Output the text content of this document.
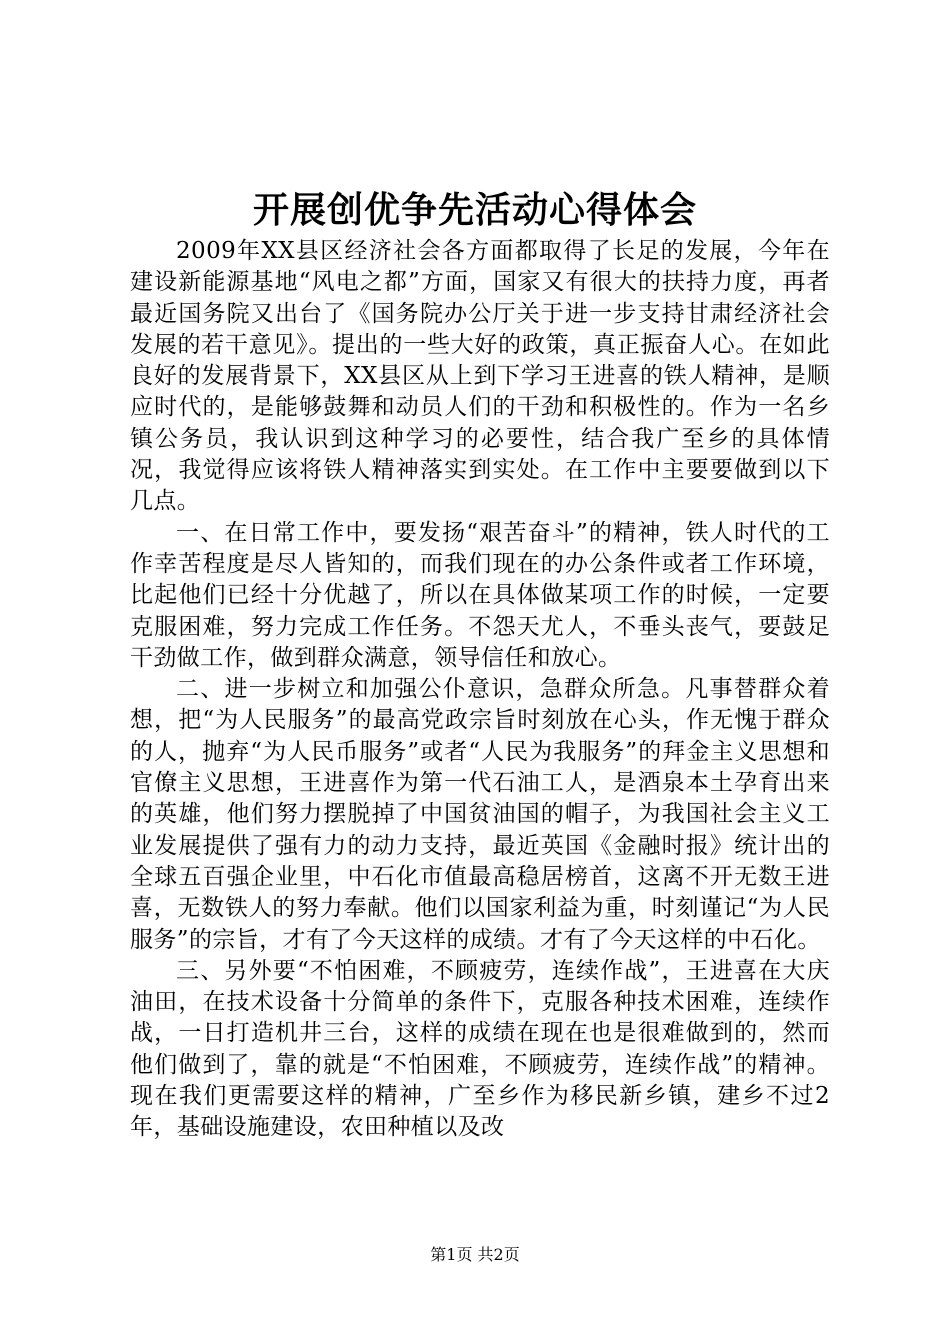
开展创优争先活动心得体会

2009年XX县区经济社会各方面都取得了长足的发展，今年在建设新能源基地“风电之都”方面，国家又有很大的扶持力度，再者最近国务院又出台了《国务院办公厅关于进一步支持甘肃经济社会发展的若干意见》。提出的一些大好的政策，真正振奋人心。在如此良好的发展背景下，XX县区从上到下学习王进喜的铁人精神，是顺应时代的，是能够鼓舞和动员人们的干劲和积极性的。作为一名乡镇公务员，我认识到这种学习的必要性，结合我广至乡的具体情况，我觉得应该将铁人精神落实到实处。在工作中主要要做到以下几点。

一、在日常工作中，要发扬“艰苦奋斗”的精神，铁人时代的工作幸苦程度是尽人皆知的，而我们现在的办公条件或者工作环境，比起他们已经十分优越了，所以在具体做某项工作的时候，一定要克服困难，努力完成工作任务。不怨天尤人，不垂头丧气，要鼓足干劲做工作，做到群众满意，领导信任和放心。

二、进一步树立和加强公仆意识，急群众所急。凡事替群众着想，把“为人民服务”的最高党政宗旨时刻放在心头，作无愧于群众的人，抛弃“为人民币服务”或者“人民为我服务”的拜金主义思想和官僚主义思想，王进喜作为第一代石油工人，是酒泉本土孕育出来的英雄，他们努力摆脱掉了中国贫油国的帽子，为我国社会主义工业发展提供了强有力的动力支持，最近英国《金融时报》统计出的全球五百强企业里，中石化市值最高稳居榜首，这离不开无数王进喜，无数铁人的努力奉献。他们以国家利益为重，时刻谨记“为人民服务”的宗旨，才有了今天这样的成绩。才有了今天这样的中石化。

三、另外要“不怕困难，不顾疲劳，连续作战”，王进喜在大庆油田，在技术设备十分简单的条件下，克服各种技术困难，连续作战，一日打造机井三台，这样的成绩在现在也是很难做到的，然而他们做到了，靠的就是“不怕困难，不顾疲劳，连续作战”的精神。现在我们更需要这样的精神，广至乡作为移民新乡镇，建乡不过2年，基础设施建设，农田种植以及改

第1页 共2页
